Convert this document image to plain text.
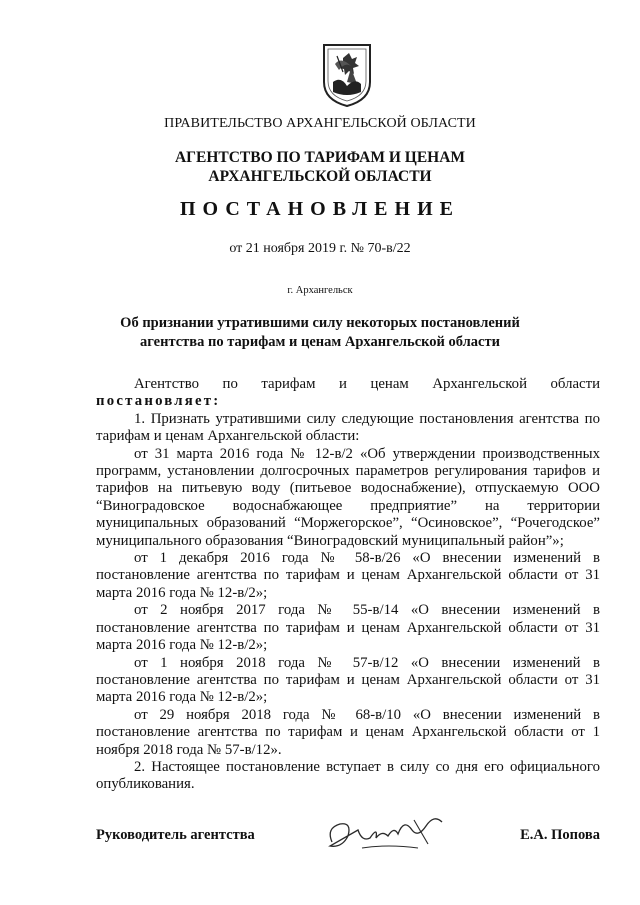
ПРАВИТЕЛЬСТВО АРХАНГЕЛЬСКОЙ ОБЛАСТИ
АГЕНТСТВО ПО ТАРИФАМ И ЦЕНАМ
АРХАНГЕЛЬСКОЙ ОБЛАСТИ
ПОСТАНОВЛЕНИЕ
от 21 ноября 2019 г. № 70-в/22
г. Архангельск
Об признании утратившими силу некоторых постановлений
агентства по тарифам и ценам Архангельской области

Агентство по тарифам и ценам Архангельской области

постановляет:

1. Признать утратившими силу следующие постановления агентства по тарифам и ценам Архангельской области:

от 31 марта 2016 года № 12-в/2 «Об утверждении производственных программ, установлении долгосрочных параметров регулирования тарифов и тарифов на питьевую воду (питьевое водоснабжение), отпускаемую ООО “Виноградовское водоснабжающее предприятие” на территории муниципальных образований “Моржегорское”, “Осиновское”, “Рочегодское” муниципального образования “Виноградовский муниципальный район”»;

от 1 декабря 2016 года № 58-в/26 «О внесении изменений в постановление агентства по тарифам и ценам Архангельской области от 31 марта 2016 года № 12-в/2»;

от 2 ноября 2017 года № 55-в/14 «О внесении изменений в постановление агентства по тарифам и ценам Архангельской области от 31 марта 2016 года № 12-в/2»;

от 1 ноября 2018 года № 57-в/12 «О внесении изменений в постановление агентства по тарифам и ценам Архангельской области от 31 марта 2016 года № 12-в/2»;

от 29 ноября 2018 года № 68-в/10 «О внесении изменений в постановление агентства по тарифам и ценам Архангельской области от 1 ноября 2018 года № 57-в/12».

2. Настоящее постановление вступает в силу со дня его официального опубликования.

Руководитель агентства	Е.А. Попова
